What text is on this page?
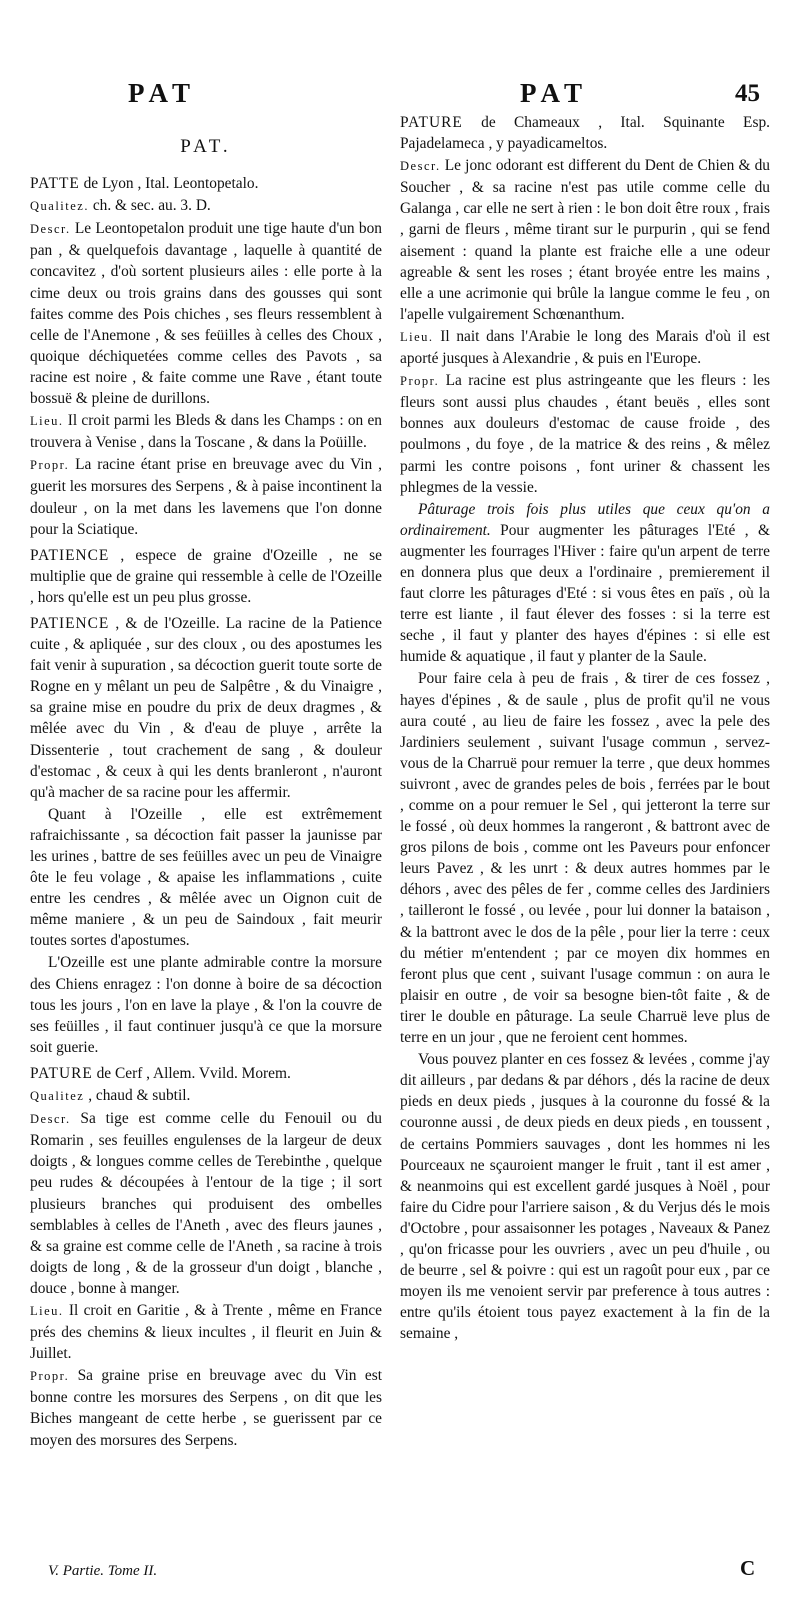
PAT	PAT	45
PAT.

PATTE de Lyon , Ital. Leontopetalo.

Qualitez. ch. & sec. au. 3. D.

Descr. Le Leontopetalon produit une tige haute d'un bon pan , & quelquefois davantage , laquelle à quantité de concavitez , d'où sortent plusieurs ailes : elle porte à la cime deux ou trois grains dans des gousses qui sont faites comme des Pois chiches , ses fleurs ressemblent à celle de l'Anemone , & ses feüilles à celles des Choux , quoique déchiquetées comme celles des Pavots , sa racine est noire , & faite comme une Rave , étant toute bossuë & pleine de durillons.

Lieu. Il croit parmi les Bleds & dans les Champs : on en trouvera à Venise , dans la Toscane , & dans la Poüille.

Propr. La racine étant prise en breuvage avec du Vin , guerit les morsures des Serpens , & à paise incontinent la douleur , on la met dans les lavemens que l'on donne pour la Sciatique.

PATIENCE , espece de graine d'Ozeille , ne se multiplie que de graine qui ressemble à celle de l'Ozeille , hors qu'elle est un peu plus grosse.

PATIENCE , & de l'Ozeille. La racine de la Patience cuite , & apliquée , sur des cloux , ou des apostumes les fait venir à supuration , sa décoction guerit toute sorte de Rogne en y mêlant un peu de Salpêtre , & du Vinaigre , sa graine mise en poudre du prix de deux dragmes , & mêlée avec du Vin , & d'eau de pluye , arrête la Dissenterie , tout crachement de sang , & douleur d'estomac , & ceux à qui les dents branleront , n'auront qu'à macher de sa racine pour les affermir.

Quant à l'Ozeille , elle est extrêmement rafraichissante , sa décoction fait passer la jaunisse par les urines , battre de ses feüilles avec un peu de Vinaigre ôte le feu volage , & apaise les inflammations , cuite entre les cendres , & mêlée avec un Oignon cuit de même maniere , & un peu de Saindoux , fait meurir toutes sortes d'apostumes.

L'Ozeille est une plante admirable contre la morsure des Chiens enragez : l'on donne à boire de sa décoction tous les jours , l'on en lave la playe , & l'on la couvre de ses feüilles , il faut continuer jusqu'à ce que la morsure soit guerie.

PATURE de Cerf , Allem. Vvild. Morem.

Qualitez , chaud & subtil.

Descr. Sa tige est comme celle du Fenouil ou du Romarin , ses feuilles engulenses de la largeur de deux doigts , & longues comme celles de Terebinthe , quelque peu rudes & découpées à l'entour de la tige ; il sort plusieurs branches qui produisent des ombelles semblables à celles de l'Aneth , avec des fleurs jaunes , & sa graine est comme celle de l'Aneth , sa racine à trois doigts de long , & de la grosseur d'un doigt , blanche , douce , bonne à manger.

Lieu. Il croit en Garitie , & à Trente , même en France prés des chemins & lieux incultes , il fleurit en Juin & Juillet.

Propr. Sa graine prise en breuvage avec du Vin est bonne contre les morsures des Serpens , on dit que les Biches mangeant de cette herbe , se guerissent par ce moyen des morsures des Serpens.

PATURE de Chameaux , Ital. Squinante Esp. Pajadelameca , y payadicameltos.

Descr. Le jonc odorant est different du Dent de Chien & du Soucher , & sa racine n'est pas utile comme celle du Galanga , car elle ne sert à rien : le bon doit être roux , frais , garni de fleurs , même tirant sur le purpurin , qui se fend aisement : quand la plante est fraiche elle a une odeur agreable & sent les roses ; étant broyée entre les mains , elle a une acrimonie qui brûle la langue comme le feu , on l'apelle vulgairement Schœnanthum.

Lieu. Il nait dans l'Arabie le long des Marais d'où il est aporté jusques à Alexandrie , & puis en l'Europe.

Propr. La racine est plus astringeante que les fleurs : les fleurs sont aussi plus chaudes , étant beuës , elles sont bonnes aux douleurs d'estomac de cause froide , des poulmons , du foye , de la matrice & des reins , & mêlez parmi les contre poisons , font uriner & chassent les phlegmes de la vessie.

Pâturage trois fois plus utiles que ceux qu'on a ordinairement. Pour augmenter les pâturages l'Eté , & augmenter les fourrages l'Hiver : faire qu'un arpent de terre en donnera plus que deux a l'ordinaire , premierement il faut clorre les pâturages d'Eté : si vous êtes en païs , où la terre est liante , il faut élever des fosses : si la terre est seche , il faut y planter des hayes d'épines : si elle est humide & aquatique , il faut y planter de la Saule.

Pour faire cela à peu de frais , & tirer de ces fossez , hayes d'épines , & de saule , plus de profit qu'il ne vous aura couté , au lieu de faire les fossez , avec la pele des Jardiniers seulement , suivant l'usage commun , servez-vous de la Charruë pour remuer la terre , que deux hommes suivront , avec de grandes peles de bois , ferrées par le bout , comme on a pour remuer le Sel , qui jetteront la terre sur le fossé , où deux hommes la rangeront , & battront avec de gros pilons de bois , comme ont les Paveurs pour enfoncer leurs Pavez , & les unrt : & deux autres hommes par le déhors , avec des pêles de fer , comme celles des Jardiniers , tailleront le fossé , ou levée , pour lui donner la bataison , & la battront avec le dos de la pêle , pour lier la terre : ceux du métier m'entendent ; par ce moyen dix hommes en feront plus que cent , suivant l'usage commun : on aura le plaisir en outre , de voir sa besogne bien-tôt faite , & de tirer le double en pâturage. La seule Charruë leve plus de terre en un jour , que ne feroient cent hommes.

Vous pouvez planter en ces fossez & levées , comme j'ay dit ailleurs , par dedans & par déhors , dés la racine de deux pieds en deux pieds , jusques à la couronne du fossé & la couronne aussi , de deux pieds en deux pieds , en toussent , de certains Pommiers sauvages , dont les hommes ni les Pourceaux ne sçauroient manger le fruit , tant il est amer , & neanmoins qui est excellent gardé jusques à Noël , pour faire du Cidre pour l'arriere saison , & du Verjus dés le mois d'Octobre , pour assaisonner les potages , Naveaux & Panez , qu'on fricasse pour les ouvriers , avec un peu d'huile , ou de beurre , sel & poivre : qui est un ragoût pour eux , par ce moyen ils me venoient servir par preference à tous autres : entre qu'ils étoient tous payez exactement à la fin de la semaine ,

V. Partie. Tome II.	C
